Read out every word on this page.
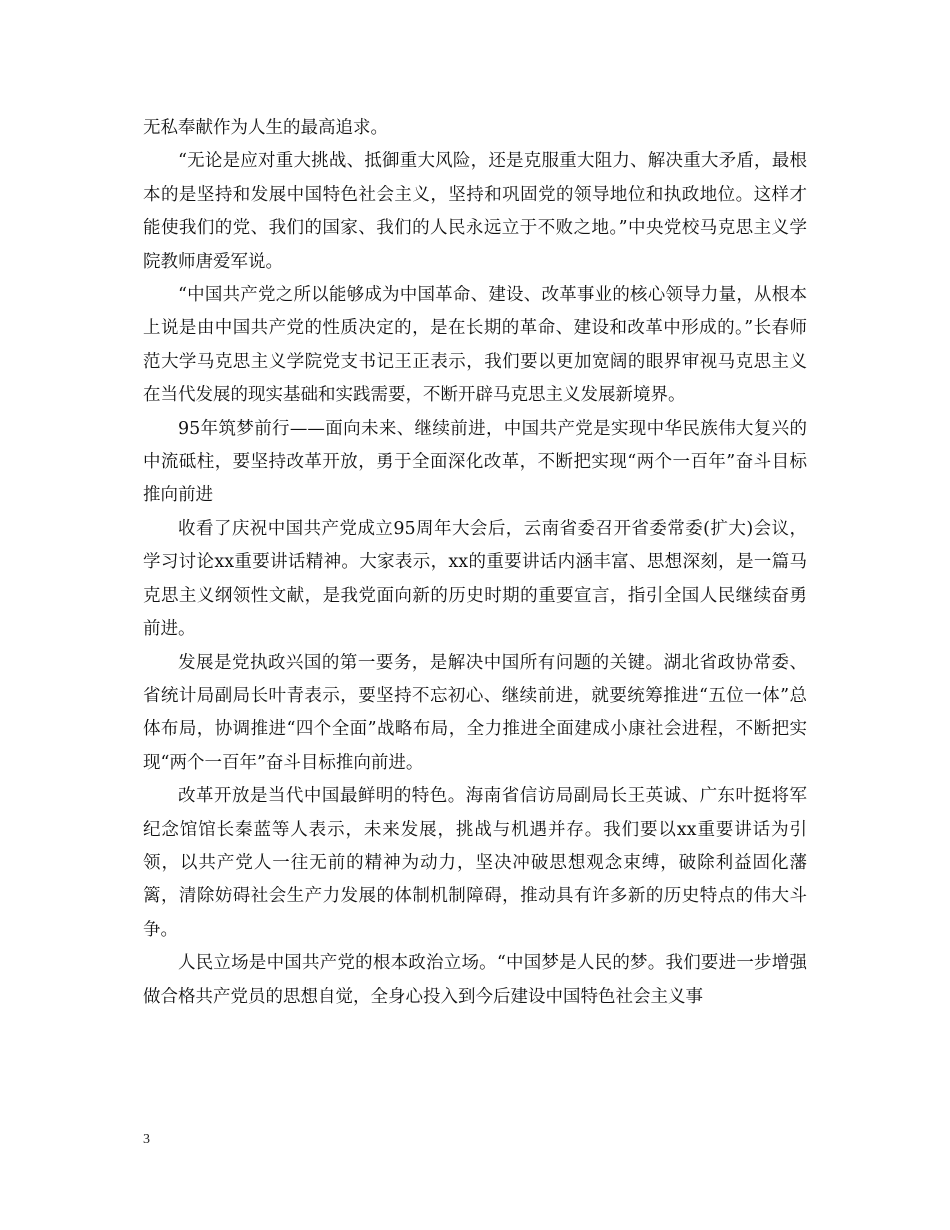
无私奉献作为人生的最高追求。

“无论是应对重大挑战、抵御重大风险，还是克服重大阻力、解决重大矛盾，最根本的是坚持和发展中国特色社会主义，坚持和巩固党的领导地位和执政地位。这样才能使我们的党、我们的国家、我们的人民永远立于不败之地。”中央党校马克思主义学院教师唐爱军说。

“中国共产党之所以能够成为中国革命、建设、改革事业的核心领导力量，从根本上说是由中国共产党的性质决定的，是在长期的革命、建设和改革中形成的。”长春师范大学马克思主义学院党支书记王正表示，我们要以更加宽阔的眼界审视马克思主义在当代发展的现实基础和实践需要，不断开辟马克思主义发展新境界。

95年筑梦前行——面向未来、继续前进，中国共产党是实现中华民族伟大复兴的中流砥柱，要坚持改革开放，勇于全面深化改革，不断把实现“两个一百年”奋斗目标推向前进

收看了庆祝中国共产党成立95周年大会后，云南省委召开省委常委(扩大)会议，学习讨论xx重要讲话精神。大家表示，xx的重要讲话内涵丰富、思想深刻，是一篇马克思主义纲领性文献，是我党面向新的历史时期的重要宣言，指引全国人民继续奋勇前进。

发展是党执政兴国的第一要务，是解决中国所有问题的关键。湖北省政协常委、省统计局副局长叶青表示，要坚持不忘初心、继续前进，就要统筹推进“五位一体”总体布局，协调推进“四个全面”战略布局，全力推进全面建成小康社会进程，不断把实现“两个一百年”奋斗目标推向前进。

改革开放是当代中国最鲜明的特色。海南省信访局副局长王英诚、广东叶挺将军纪念馆馆长秦蓝等人表示，未来发展，挑战与机遇并存。我们要以xx重要讲话为引领，以共产党人一往无前的精神为动力，坚决冲破思想观念束缚，破除利益固化藩篱，清除妨碍社会生产力发展的体制机制障碍，推动具有许多新的历史特点的伟大斗争。

人民立场是中国共产党的根本政治立场。“中国梦是人民的梦。我们要进一步增强做合格共产党员的思想自觉，全身心投入到今后建设中国特色社会主义事

3
